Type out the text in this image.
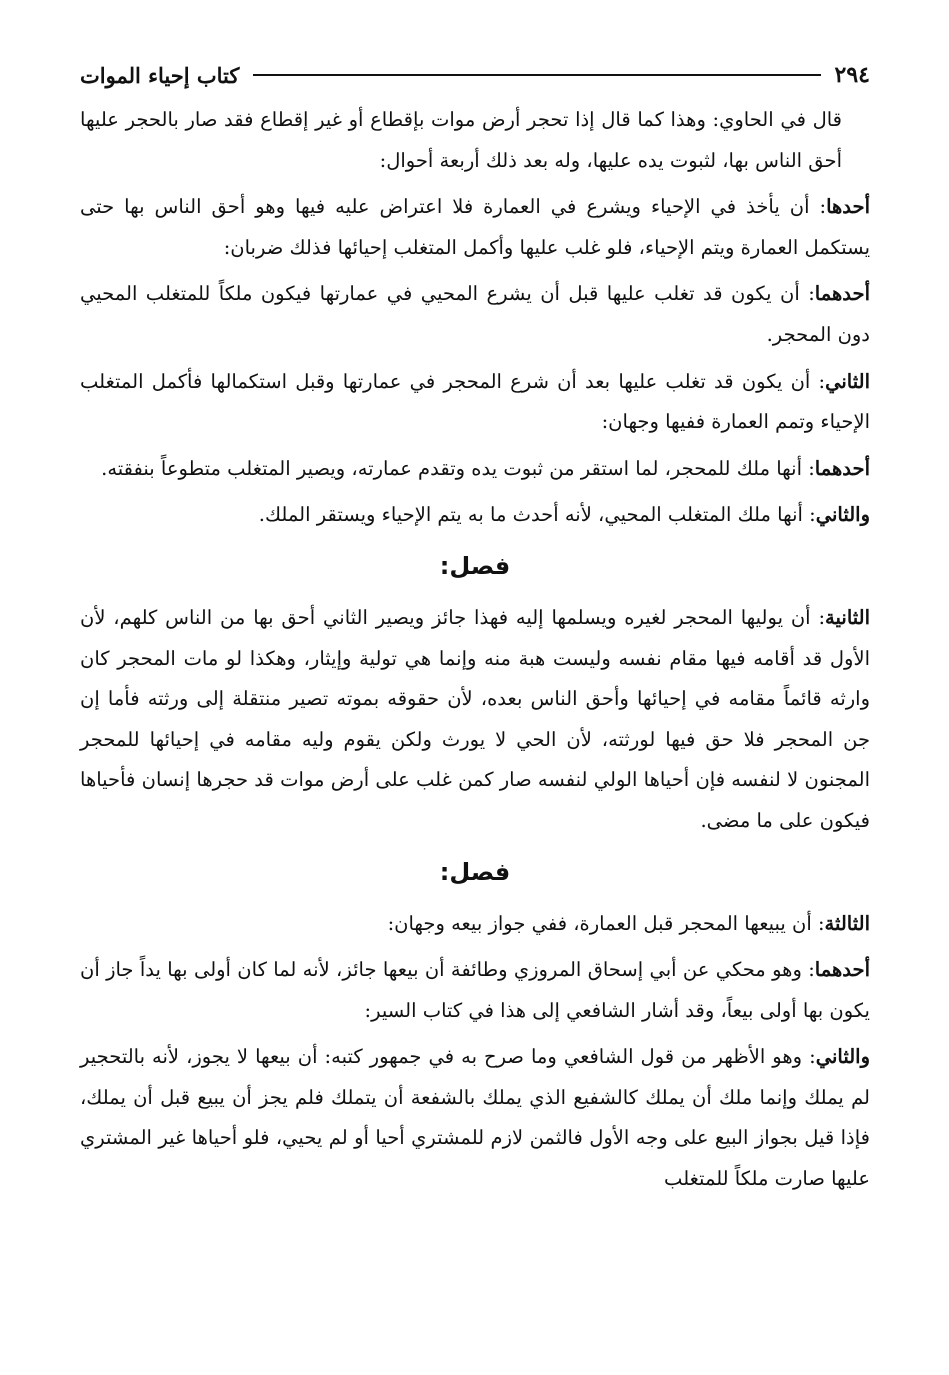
٢٩٤
كتاب إحياء الموات

قال في الحاوي: وهذا كما قال إذا تحجر أرض موات بإقطاع أو غير إقطاع فقد صار بالحجر عليها أحق الناس بها، لثبوت يده عليها، وله بعد ذلك أربعة أحوال:

أحدها: أن يأخذ في الإحياء ويشرع في العمارة فلا اعتراض عليه فيها وهو أحق الناس بها حتى يستكمل العمارة ويتم الإحياء، فلو غلب عليها وأكمل المتغلب إحيائها فذلك ضربان:

أحدهما: أن يكون قد تغلب عليها قبل أن يشرع المحيي في عمارتها فيكون ملكاً للمتغلب المحيي دون المحجر.

الثاني: أن يكون قد تغلب عليها بعد أن شرع المحجر في عمارتها وقبل استكمالها فأكمل المتغلب الإحياء وتمم العمارة ففيها وجهان:

أحدهما: أنها ملك للمحجر، لما استقر من ثبوت يده وتقدم عمارته، ويصير المتغلب متطوعاً بنفقته.

والثاني: أنها ملك المتغلب المحيي، لأنه أحدث ما به يتم الإحياء ويستقر الملك.

فصل:

الثانية: أن يوليها المحجر لغيره ويسلمها إليه فهذا جائز ويصير الثاني أحق بها من الناس كلهم، لأن الأول قد أقامه فيها مقام نفسه وليست هبة منه وإنما هي تولية وإيثار، وهكذا لو مات المحجر كان وارثه قائماً مقامه في إحيائها وأحق الناس بعده، لأن حقوقه بموته تصير منتقلة إلى ورثته فأما إن جن المحجر فلا حق فيها لورثته، لأن الحي لا يورث ولكن يقوم وليه مقامه في إحيائها للمحجر المجنون لا لنفسه فإن أحياها الولي لنفسه صار كمن غلب على أرض موات قد حجرها إنسان فأحياها فيكون على ما مضى.

فصل:

الثالثة: أن يبيعها المحجر قبل العمارة، ففي جواز بيعه وجهان:

أحدهما: وهو محكي عن أبي إسحاق المروزي وطائفة أن بيعها جائز، لأنه لما كان أولى بها يداً جاز أن يكون بها أولى بيعاً، وقد أشار الشافعي إلى هذا في كتاب السير:

والثاني: وهو الأظهر من قول الشافعي وما صرح به في جمهور كتبه: أن بيعها لا يجوز، لأنه بالتحجير لم يملك وإنما ملك أن يملك كالشفيع الذي يملك بالشفعة أن يتملك فلم يجز أن يبيع قبل أن يملك، فإذا قيل بجواز البيع على وجه الأول فالثمن لازم للمشتري أحيا أو لم يحيي، فلو أحياها غير المشتري عليها صارت ملكاً للمتغلب
